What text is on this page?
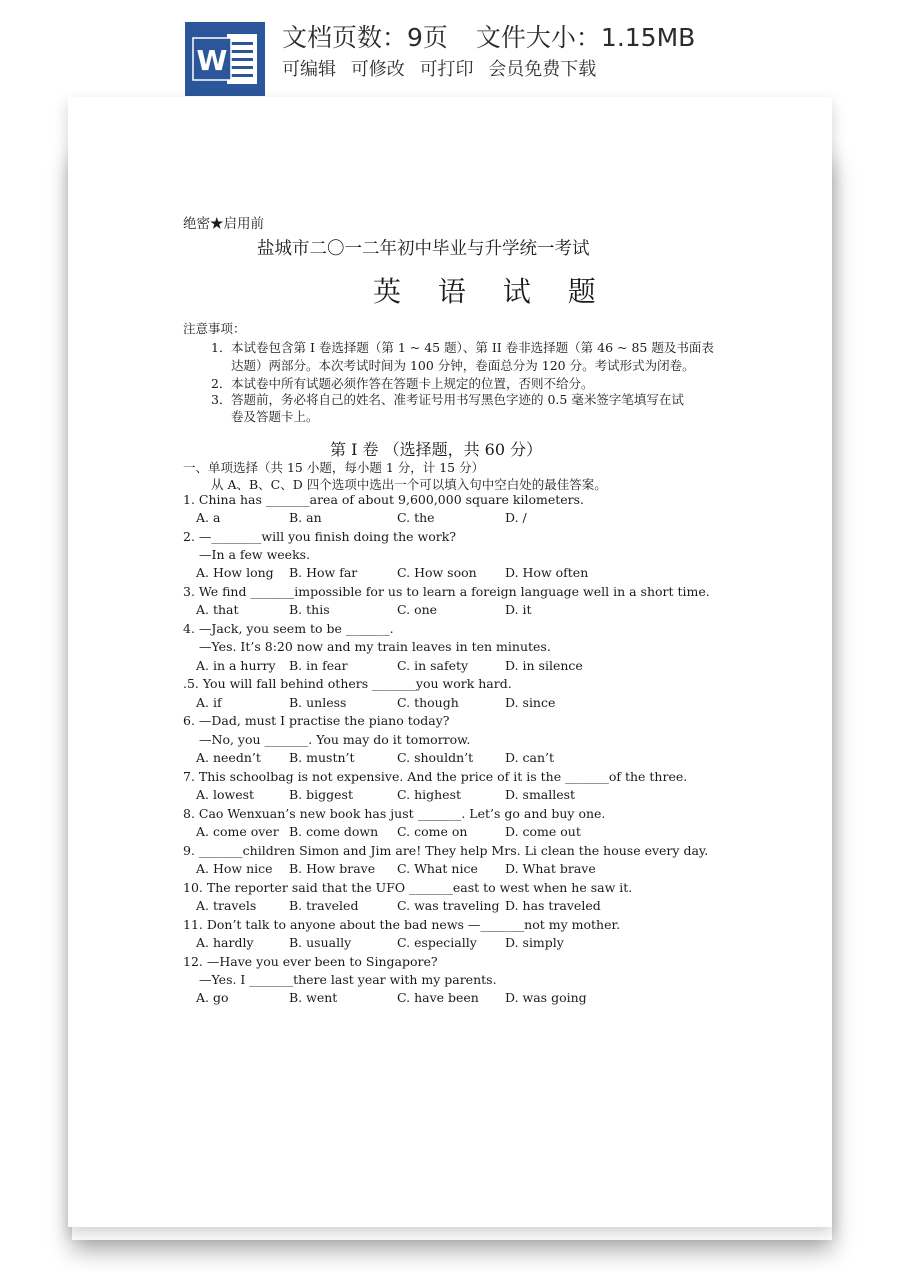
W
文档页数：9页 文件大小：1.15MB
可编辑 可修改 可打印 会员免费下载
绝密★启用前
盐城市二〇一二年初中毕业与升学统一考试
英 语 试 题
注意事项：
1．本试卷包含第 I 卷选择题（第 1 ~ 45 题）、第 II 卷非选择题（第 46 ~ 85 题及书面表
达题）两部分。本次考试时间为 100 分钟，卷面总分为 120 分。考试形式为闭卷。
2．本试卷中所有试题必须作答在答题卡上规定的位置，否则不给分。
3．答题前，务必将自己的姓名、准考证号用书写黑色字迹的 0.5 毫米签字笔填写在试
卷及答题卡上。
第 I 卷 （选择题，共 60 分）
一、单项选择（共 15 小题，每小题 1 分，计 15 分）
从 A、B、C、D 四个选项中选出一个可以填入句中空白处的最佳答案。
1. China has _______area of about 9,600,000 square kilometers.
A. a	B. an	C. the	D. /
2. —________will you finish doing the work?
—In a few weeks.
A. How long B. How far	C. How soon D. How often
3. We find _______impossible for us to learn a foreign language well in a short time.
A. that	B. this	C. one	D. it
4. —Jack, you seem to be _______.
—Yes. It’s 8:20 now and my train leaves in ten minutes.
A. in a hurry B. in fear	C. in safety	D. in silence
.5. You will fall behind others _______you work hard.
A. if	B. unless	C. though	D. since
6. —Dad, must I practise the piano today?
—No, you _______. You may do it tomorrow.
A. needn’t B. mustn’t	C. shouldn’t	D. can’t
7. This schoolbag is not expensive. And the price of it is the _______of the three.
A. lowest	B. biggest	C. highest	D. smallest
8. Cao Wenxuan’s new book has just _______. Let’s go and buy one.
A. come over B. come down C. come on	D. come out
9. _______children Simon and Jim are! They help Mrs. Li clean the house every day.
A. How nice B. How brave C. What nice D. What brave
10. The reporter said that the UFO _______east to west when he saw it.
A. travels	B. traveled	C. was traveling D. has traveled
11. Don’t talk to anyone about the bad news —_______not my mother.
A. hardly	B. usually	C. especially D. simply
12. —Have you ever been to Singapore?
—Yes. I _______there last year with my parents.
A. go	B. went	C. have been D. was going
